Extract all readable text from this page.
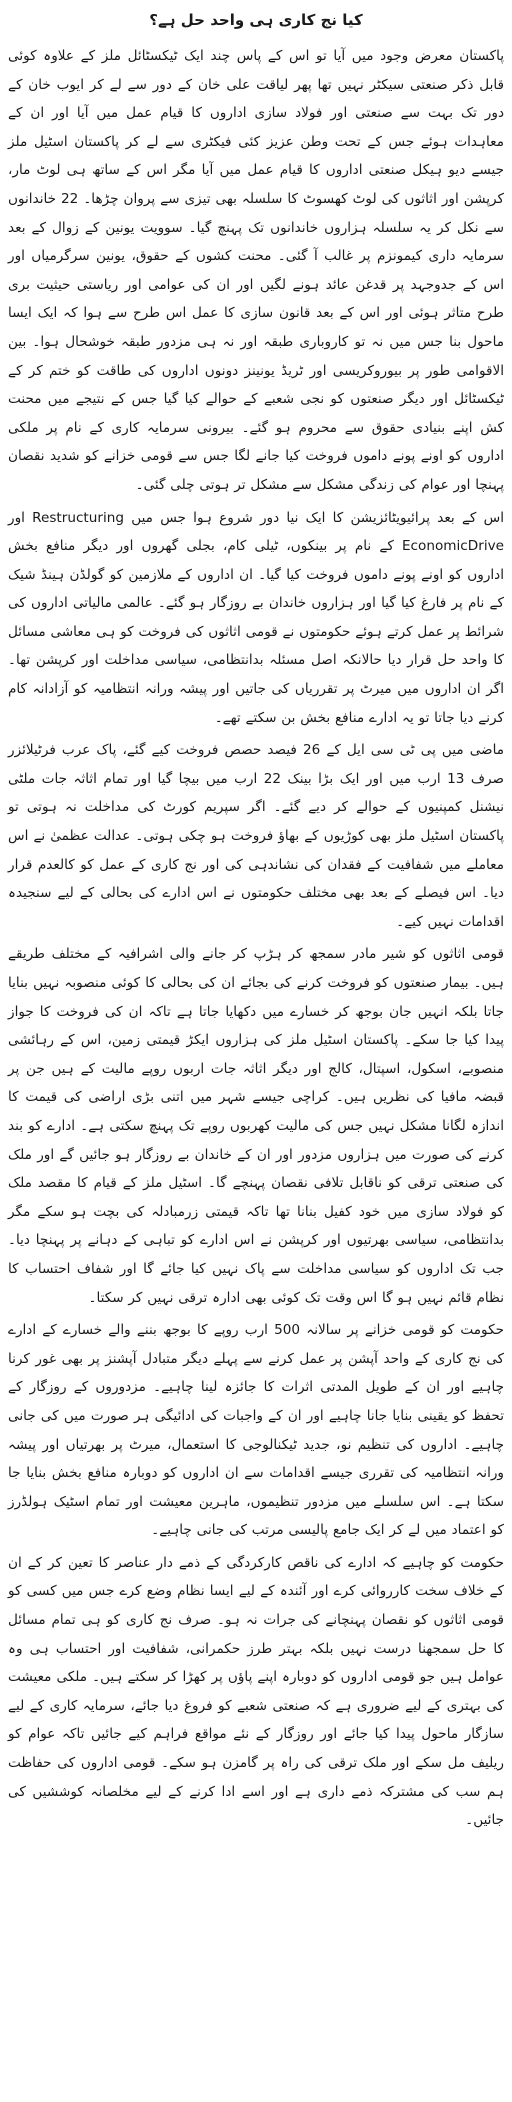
کیا نج کاری ہی واحد حل ہے؟

پاکستان معرض وجود میں آیا تو اس کے پاس چند ایک ٹیکسٹائل ملز کے علاوہ کوئی قابل ذکر صنعتی سیکٹر نہیں تھا پھر لیاقت علی خان کے دور سے لے کر ایوب خان کے دور تک بہت سے صنعتی اور فولاد سازی اداروں کا قیام عمل میں آیا اور ان کے معاہدات ہوئے جس کے تحت وطن عزیز کئی فیکٹری سے لے کر پاکستان اسٹیل ملز جیسے دیو ہیکل صنعتی اداروں کا قیام عمل میں آیا مگر اس کے ساتھ ہی لوٹ مار، کرپشن اور اثاثوں کی لوٹ کھسوٹ کا سلسلہ بھی تیزی سے پروان چڑھا۔ 22 خاندانوں سے نکل کر یہ سلسلہ ہزاروں خاندانوں تک پہنچ گیا۔ سوویت یونین کے زوال کے بعد سرمایہ داری کیمونزم پر غالب آ گئی۔ محنت کشوں کے حقوق، یونین سرگرمیاں اور اس کے جدوجہد پر قدغن عائد ہونے لگیں اور ان کی عوامی اور ریاستی حیثیت بری طرح متاثر ہوئی اور اس کے بعد قانون سازی کا عمل اس طرح سے ہوا کہ ایک ایسا ماحول بنا جس میں نہ تو کاروباری طبقہ اور نہ ہی مزدور طبقہ خوشحال ہوا۔ بین الاقوامی طور پر بیوروکریسی اور ٹریڈ یونینز دونوں اداروں کی طاقت کو ختم کر کے ٹیکسٹائل اور دیگر صنعتوں کو نجی شعبے کے حوالے کیا گیا جس کے نتیجے میں محنت کش اپنے بنیادی حقوق سے محروم ہو گئے۔ بیرونی سرمایہ کاری کے نام پر ملکی اداروں کو اونے پونے داموں فروخت کیا جانے لگا جس سے قومی خزانے کو شدید نقصان پہنچا اور عوام کی زندگی مشکل سے مشکل تر ہوتی چلی گئی۔

اس کے بعد پرائیویٹائزیشن کا ایک نیا دور شروع ہوا جس میں Restructuring اور EconomicDrive کے نام پر بینکوں، ٹیلی کام، بجلی گھروں اور دیگر منافع بخش اداروں کو اونے پونے داموں فروخت کیا گیا۔ ان اداروں کے ملازمین کو گولڈن ہینڈ شیک کے نام پر فارغ کیا گیا اور ہزاروں خاندان بے روزگار ہو گئے۔ عالمی مالیاتی اداروں کی شرائط پر عمل کرتے ہوئے حکومتوں نے قومی اثاثوں کی فروخت کو ہی معاشی مسائل کا واحد حل قرار دیا حالانکہ اصل مسئلہ بدانتظامی، سیاسی مداخلت اور کرپشن تھا۔ اگر ان اداروں میں میرٹ پر تقرریاں کی جاتیں اور پیشہ ورانہ انتظامیہ کو آزادانہ کام کرنے دیا جاتا تو یہ ادارے منافع بخش بن سکتے تھے۔

ماضی میں پی ٹی سی ایل کے 26 فیصد حصص فروخت کیے گئے، پاک عرب فرٹیلائزر صرف 13 ارب میں اور ایک بڑا بینک 22 ارب میں بیچا گیا اور تمام اثاثہ جات ملٹی نیشنل کمپنیوں کے حوالے کر دیے گئے۔ اگر سپریم کورٹ کی مداخلت نہ ہوتی تو پاکستان اسٹیل ملز بھی کوڑیوں کے بھاؤ فروخت ہو چکی ہوتی۔ عدالت عظمیٰ نے اس معاملے میں شفافیت کے فقدان کی نشاندہی کی اور نج کاری کے عمل کو کالعدم قرار دیا۔ اس فیصلے کے بعد بھی مختلف حکومتوں نے اس ادارے کی بحالی کے لیے سنجیدہ اقدامات نہیں کیے۔

قومی اثاثوں کو شیر مادر سمجھ کر ہڑپ کر جانے والی اشرافیہ کے مختلف طریقے ہیں۔ بیمار صنعتوں کو فروخت کرنے کی بجائے ان کی بحالی کا کوئی منصوبہ نہیں بنایا جاتا بلکہ انہیں جان بوجھ کر خسارے میں دکھایا جاتا ہے تاکہ ان کی فروخت کا جواز پیدا کیا جا سکے۔ پاکستان اسٹیل ملز کی ہزاروں ایکڑ قیمتی زمین، اس کے رہائشی منصوبے، اسکول، اسپتال، کالج اور دیگر اثاثہ جات اربوں روپے مالیت کے ہیں جن پر قبضہ مافیا کی نظریں ہیں۔ کراچی جیسے شہر میں اتنی بڑی اراضی کی قیمت کا اندازہ لگانا مشکل نہیں جس کی مالیت کھربوں روپے تک پہنچ سکتی ہے۔ ادارے کو بند کرنے کی صورت میں ہزاروں مزدور اور ان کے خاندان بے روزگار ہو جائیں گے اور ملک کی صنعتی ترقی کو ناقابل تلافی نقصان پہنچے گا۔ اسٹیل ملز کے قیام کا مقصد ملک کو فولاد سازی میں خود کفیل بنانا تھا تاکہ قیمتی زرمبادلہ کی بچت ہو سکے مگر بدانتظامی، سیاسی بھرتیوں اور کرپشن نے اس ادارے کو تباہی کے دہانے پر پہنچا دیا۔ جب تک اداروں کو سیاسی مداخلت سے پاک نہیں کیا جائے گا اور شفاف احتساب کا نظام قائم نہیں ہو گا اس وقت تک کوئی بھی ادارہ ترقی نہیں کر سکتا۔

حکومت کو قومی خزانے پر سالانہ 500 ارب روپے کا بوجھ بننے والے خسارے کے ادارے کی نج کاری کے واحد آپشن پر عمل کرنے سے پہلے دیگر متبادل آپشنز پر بھی غور کرنا چاہیے اور ان کے طویل المدتی اثرات کا جائزہ لینا چاہیے۔ مزدوروں کے روزگار کے تحفظ کو یقینی بنایا جانا چاہیے اور ان کے واجبات کی ادائیگی ہر صورت میں کی جانی چاہیے۔ اداروں کی تنظیم نو، جدید ٹیکنالوجی کا استعمال، میرٹ پر بھرتیاں اور پیشہ ورانہ انتظامیہ کی تقرری جیسے اقدامات سے ان اداروں کو دوبارہ منافع بخش بنایا جا سکتا ہے۔ اس سلسلے میں مزدور تنظیموں، ماہرین معیشت اور تمام اسٹیک ہولڈرز کو اعتماد میں لے کر ایک جامع پالیسی مرتب کی جانی چاہیے۔

حکومت کو چاہیے کہ ادارے کی ناقص کارکردگی کے ذمے دار عناصر کا تعین کر کے ان کے خلاف سخت کارروائی کرے اور آئندہ کے لیے ایسا نظام وضع کرے جس میں کسی کو قومی اثاثوں کو نقصان پہنچانے کی جرات نہ ہو۔ صرف نج کاری کو ہی تمام مسائل کا حل سمجھنا درست نہیں بلکہ بہتر طرز حکمرانی، شفافیت اور احتساب ہی وہ عوامل ہیں جو قومی اداروں کو دوبارہ اپنے پاؤں پر کھڑا کر سکتے ہیں۔ ملکی معیشت کی بہتری کے لیے ضروری ہے کہ صنعتی شعبے کو فروغ دیا جائے، سرمایہ کاری کے لیے سازگار ماحول پیدا کیا جائے اور روزگار کے نئے مواقع فراہم کیے جائیں تاکہ عوام کو ریلیف مل سکے اور ملک ترقی کی راہ پر گامزن ہو سکے۔ قومی اداروں کی حفاظت ہم سب کی مشترکہ ذمے داری ہے اور اسے ادا کرنے کے لیے مخلصانہ کوششیں کی جائیں۔
